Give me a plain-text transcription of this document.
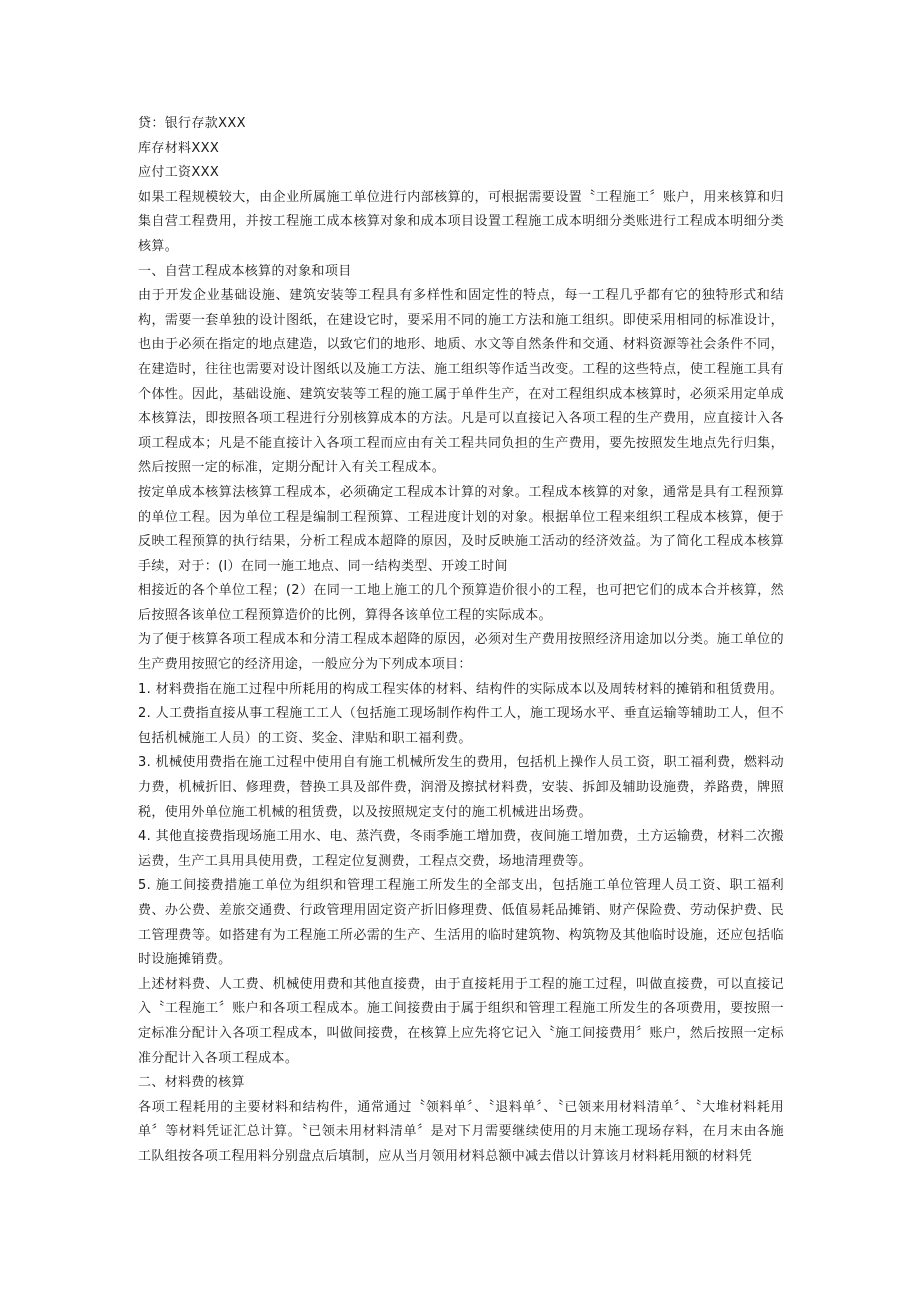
贷：银行存款XXX

库存材料XXX

应付工资XXX

如果工程规模较大，由企业所属施工单位进行内部核算的，可根据需要设置〝工程施工〞账户，用来核算和归集自营工程费用，并按工程施工成本核算对象和成本项目设置工程施工成本明细分类账进行工程成本明细分类核算。

一、自营工程成本核算的对象和项目

由于开发企业基础设施、建筑安装等工程具有多样性和固定性的特点，每一工程几乎都有它的独特形式和结构，需要一套单独的设计图纸，在建设它时，要采用不同的施工方法和施工组织。即使采用相同的标准设计，也由于必须在指定的地点建造，以致它们的地形、地质、水文等自然条件和交通、材料资源等社会条件不同，在建造时，往往也需要对设计图纸以及施工方法、施工组织等作适当改变。工程的这些特点，使工程施工具有个体性。因此，基础设施、建筑安装等工程的施工属于单件生产，在对工程组织成本核算时，必须采用定单成本核算法，即按照各项工程进行分别核算成本的方法。凡是可以直接记入各项工程的生产费用，应直接计入各项工程成本；凡是不能直接计入各项工程而应由有关工程共同负担的生产费用，要先按照发生地点先行归集，然后按照一定的标准，定期分配计入有关工程成本。

按定单成本核算法核算工程成本，必须确定工程成本计算的对象。工程成本核算的对象，通常是具有工程预算的单位工程。因为单位工程是编制工程预算、工程进度计划的对象。根据单位工程来组织工程成本核算，便于反映工程预算的执行结果，分析工程成本超降的原因，及时反映施工活动的经济效益。为了简化工程成本核算手续，对于：(l）在同一施工地点、同一结构类型、开竣工时间

相接近的各个单位工程；(2）在同一工地上施工的几个预算造价很小的工程，也可把它们的成本合并核算，然后按照各该单位工程预算造价的比例，算得各该单位工程的实际成本。

为了便于核算各项工程成本和分清工程成本超降的原因，必须对生产费用按照经济用途加以分类。施工单位的生产费用按照它的经济用途，一般应分为下列成本项目：

1. 材料费指在施工过程中所耗用的构成工程实体的材料、结构件的实际成本以及周转材料的摊销和租赁费用。

2. 人工费指直接从事工程施工工人（包括施工现场制作构件工人，施工现场水平、垂直运输等辅助工人，但不包括机械施工人员）的工资、奖金、津贴和职工福利费。

3. 机械使用费指在施工过程中使用自有施工机械所发生的费用，包括机上操作人员工资，职工福利费，燃料动力费，机械折旧、修理费，替换工具及部件费，润滑及擦拭材料费，安装、拆卸及辅助设施费，养路费，牌照税，使用外单位施工机械的租赁费，以及按照规定支付的施工机械进出场费。

4. 其他直接费指现场施工用水、电、蒸汽费，冬雨季施工增加费，夜间施工增加费，土方运输费，材料二次搬运费，生产工具用具使用费，工程定位复测费，工程点交费，场地清理费等。

5. 施工间接费措施工单位为组织和管理工程施工所发生的全部支出，包括施工单位管理人员工资、职工福利费、办公费、差旅交通费、行政管理用固定资产折旧修理费、低值易耗品摊销、财产保险费、劳动保护费、民工管理费等。如搭建有为工程施工所必需的生产、生活用的临时建筑物、构筑物及其他临时设施，还应包括临时设施摊销费。

上述材料费、人工费、机械使用费和其他直接费，由于直接耗用于工程的施工过程，叫做直接费，可以直接记入〝工程施工〞账户和各项工程成本。施工间接费由于属于组织和管理工程施工所发生的各项费用，要按照一定标准分配计入各项工程成本，叫做间接费，在核算上应先将它记入〝施工间接费用〞账户，然后按照一定标准分配计入各项工程成本。

二、材料费的核算

各项工程耗用的主要材料和结构件，通常通过〝领料单〞、〝退料单〞、〝已领来用材料清单〞、〝大堆材料耗用单〞等材料凭证汇总计算。〝已领未用材料清单〞是对下月需要继续使用的月末施工现场存料，在月末由各施工队组按各项工程用料分别盘点后填制，应从当月领用材料总额中减去借以计算该月材料耗用额的材料凭
